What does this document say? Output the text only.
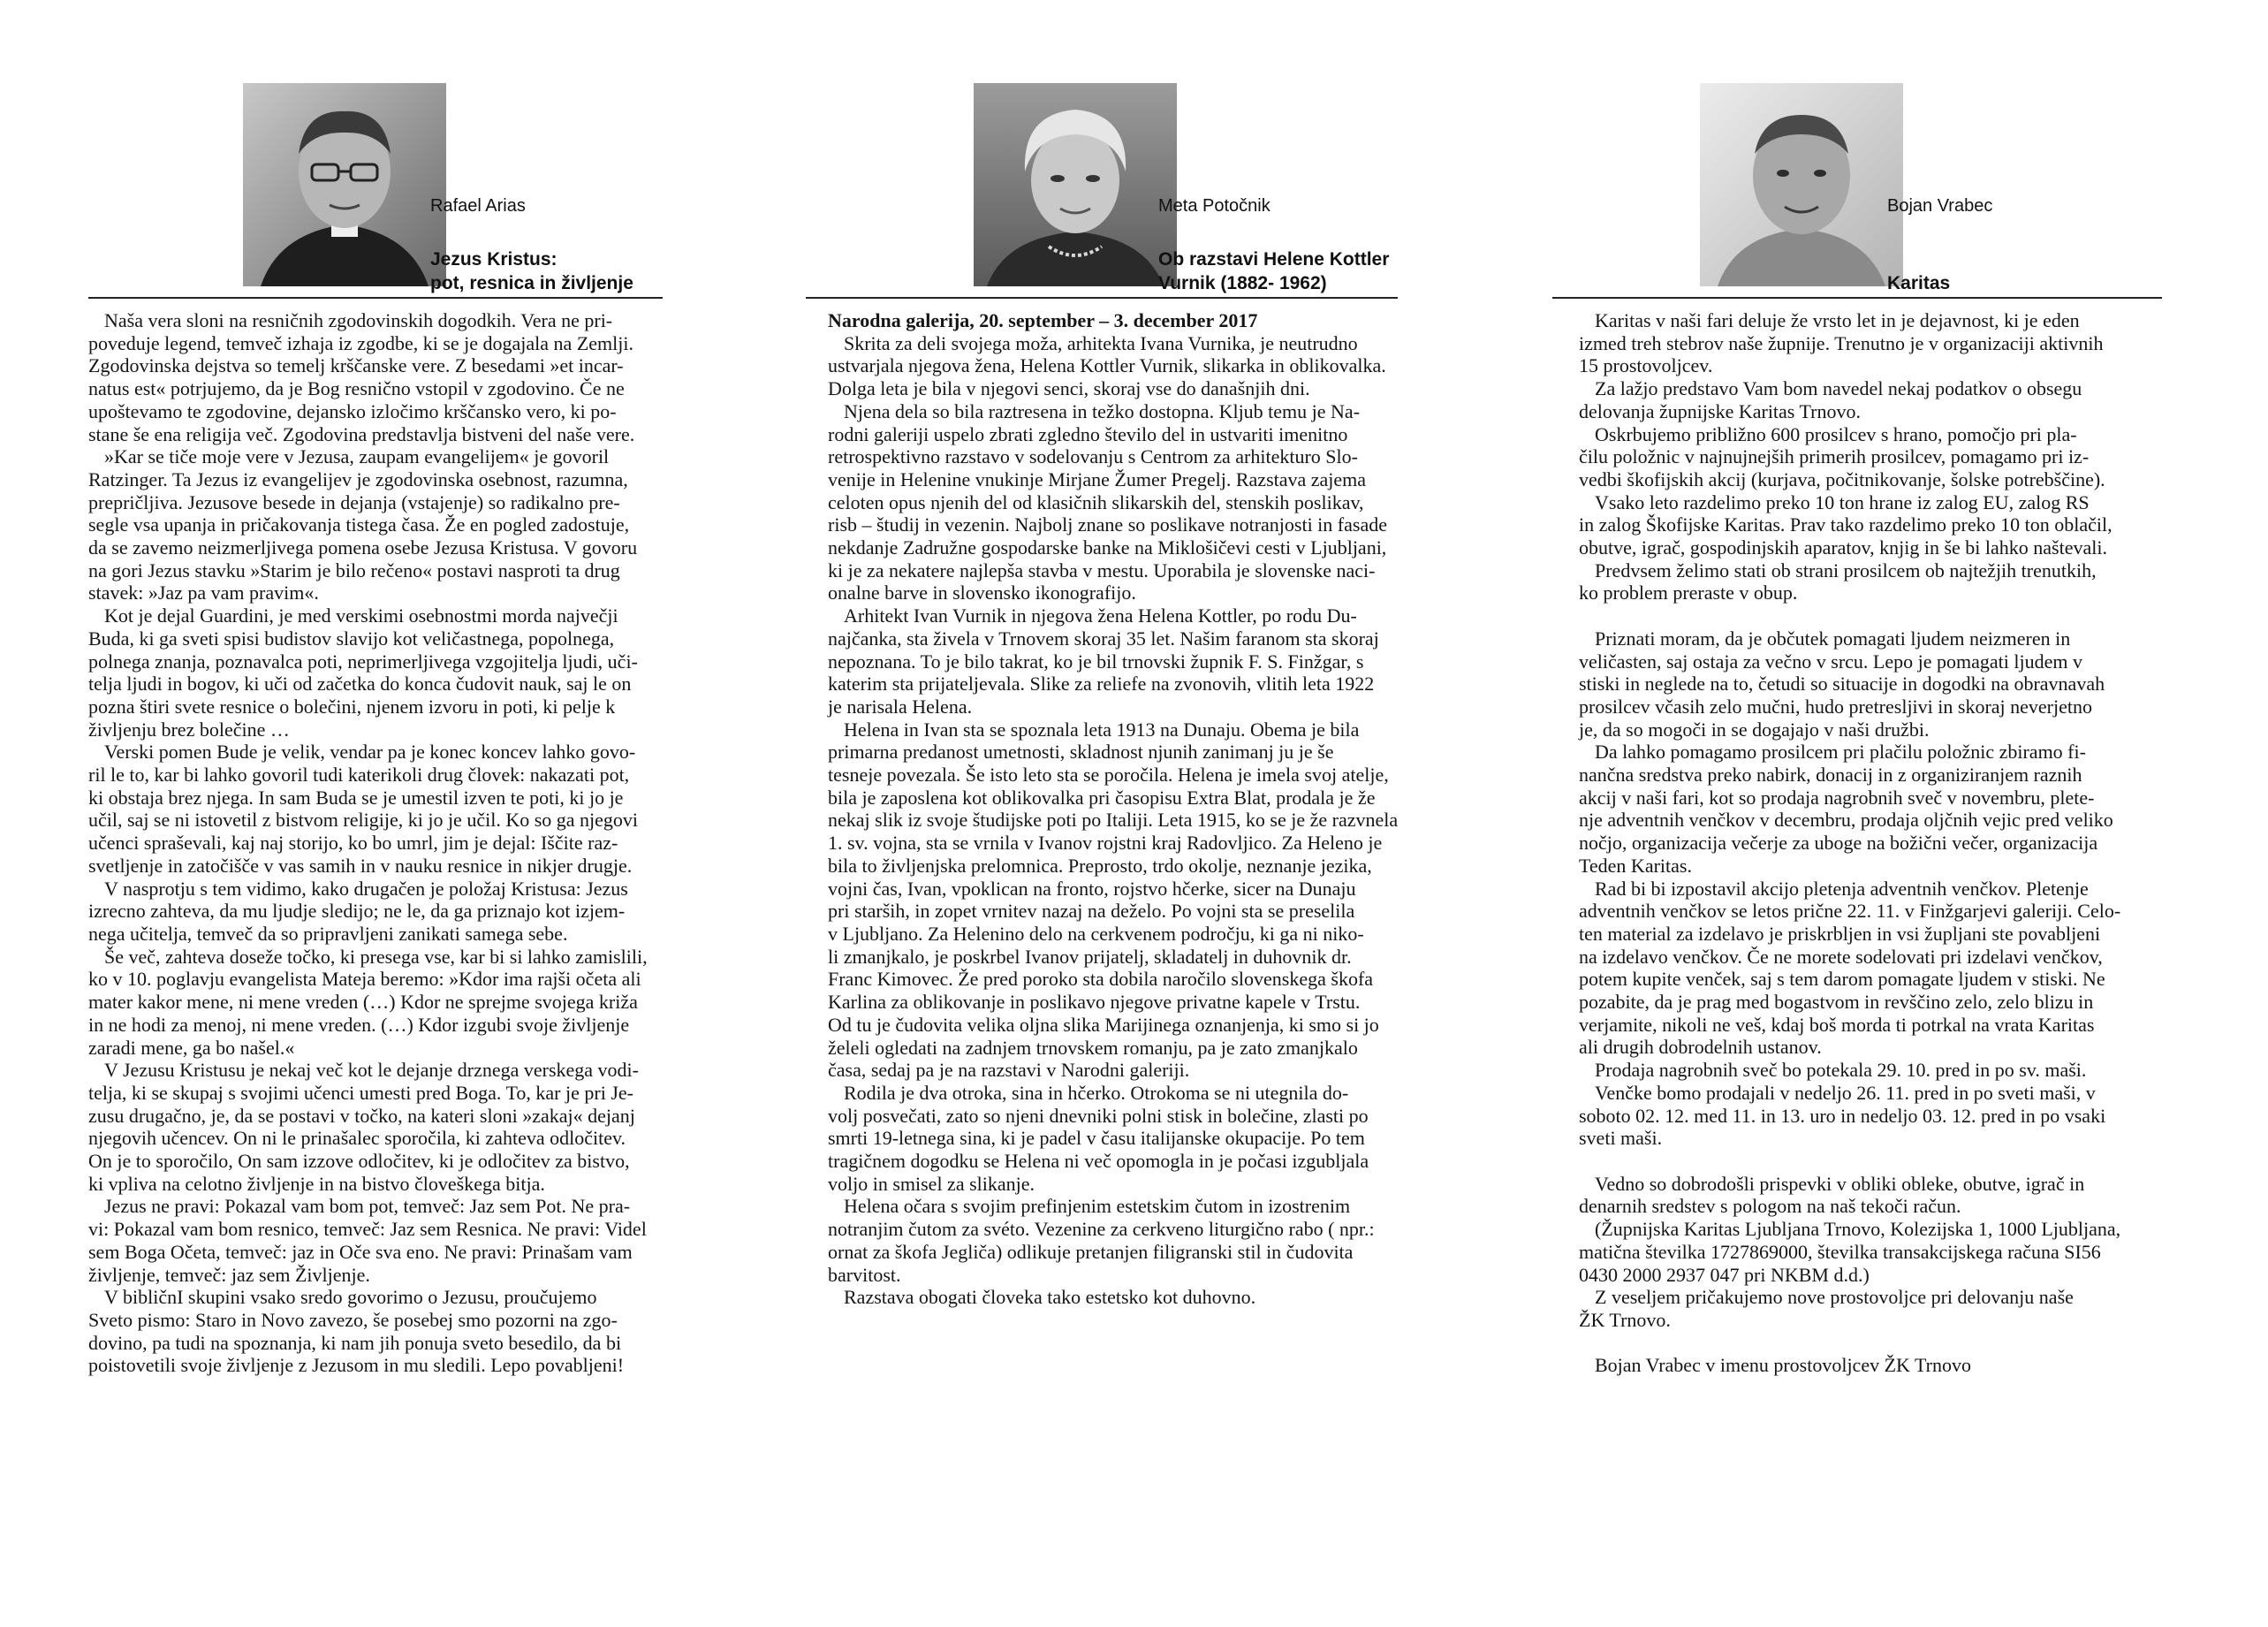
Rafael Arias
Jezus Kristus:
pot, resnica in življenje
Naša vera sloni na resničnih zgodovinskih dogodkih. Vera ne pri-
poveduje legend, temveč izhaja iz zgodbe, ki se je dogajala na Zemlji.
Zgodovinska dejstva so temelj krščanske vere. Z besedami »et incar-
natus est« potrjujemo, da je Bog resnično vstopil v zgodovino. Če ne
upoštevamo te zgodovine, dejansko izločimo krščansko vero, ki po-
stane še ena religija več. Zgodovina predstavlja bistveni del naše vere.
»Kar se tiče moje vere v Jezusa, zaupam evangelijem« je govoril
Ratzinger. Ta Jezus iz evangelijev je zgodovinska osebnost, razumna,
prepričljiva. Jezusove besede in dejanja (vstajenje) so radikalno pre-
segle vsa upanja in pričakovanja tistega časa. Že en pogled zadostuje,
da se zavemo neizmerljivega pomena osebe Jezusa Kristusa. V govoru
na gori Jezus stavku »Starim je bilo rečeno« postavi nasproti ta drug
stavek: »Jaz pa vam pravim«.
Kot je dejal Guardini, je med verskimi osebnostmi morda največji
Buda, ki ga sveti spisi budistov slavijo kot veličastnega, popolnega,
polnega znanja, poznavalca poti, neprimerljivega vzgojitelja ljudi, uči-
telja ljudi in bogov, ki uči od začetka do konca čudovit nauk, saj le on
pozna štiri svete resnice o bolečini, njenem izvoru in poti, ki pelje k
življenju brez bolečine …
Verski pomen Bude je velik, vendar pa je konec koncev lahko govo-
ril le to, kar bi lahko govoril tudi katerikoli drug človek: nakazati pot,
ki obstaja brez njega. In sam Buda se je umestil izven te poti, ki jo je
učil, saj se ni istovetil z bistvom religije, ki jo je učil. Ko so ga njegovi
učenci spraševali, kaj naj storijo, ko bo umrl, jim je dejal: Iščite raz-
svetljenje in zatočišče v vas samih in v nauku resnice in nikjer drugje.
V nasprotju s tem vidimo, kako drugačen je položaj Kristusa: Jezus
izrecno zahteva, da mu ljudje sledijo; ne le, da ga priznajo kot izjem-
nega učitelja, temveč da so pripravljeni zanikati samega sebe.
Še več, zahteva doseže točko, ki presega vse, kar bi si lahko zamislili,
ko v 10. poglavju evangelista Mateja beremo: »Kdor ima rajši očeta ali
mater kakor mene, ni mene vreden (…) Kdor ne sprejme svojega križa
in ne hodi za menoj, ni mene vreden. (…) Kdor izgubi svoje življenje
zaradi mene, ga bo našel.«
V Jezusu Kristusu je nekaj več kot le dejanje drznega verskega vodi-
telja, ki se skupaj s svojimi učenci umesti pred Boga. To, kar je pri Je-
zusu drugačno, je, da se postavi v točko, na kateri sloni »zakaj« dejanj
njegovih učencev. On ni le prinašalec sporočila, ki zahteva odločitev.
On je to sporočilo, On sam izzove odločitev, ki je odločitev za bistvo,
ki vpliva na celotno življenje in na bistvo človeškega bitja.
Jezus ne pravi: Pokazal vam bom pot, temveč: Jaz sem Pot. Ne pra-
vi: Pokazal vam bom resnico, temveč: Jaz sem Resnica. Ne pravi: Videl
sem Boga Očeta, temveč: jaz in Oče sva eno. Ne pravi: Prinašam vam
življenje, temveč: jaz sem Življenje.
V bibličnI skupini vsako sredo govorimo o Jezusu, proučujemo
Sveto pismo: Staro in Novo zavezo, še posebej smo pozorni na zgo-
dovino, pa tudi na spoznanja, ki nam jih ponuja sveto besedilo, da bi
poistovetili svoje življenje z Jezusom in mu sledili. Lepo povabljeni!
Meta Potočnik
Ob razstavi Helene Kottler
Vurnik (1882- 1962)
Narodna galerija, 20. september – 3. december 2017
Skrita za deli svojega moža, arhitekta Ivana Vurnika, je neutrudno
ustvarjala njegova žena, Helena Kottler Vurnik, slikarka in oblikovalka.
Dolga leta je bila v njegovi senci, skoraj vse do današnjih dni.
Njena dela so bila raztresena in težko dostopna. Kljub temu je Na-
rodni galeriji uspelo zbrati zgledno število del in ustvariti imenitno
retrospektivno razstavo v sodelovanju s Centrom za arhitekturo Slo-
venije in Helenine vnukinje Mirjane Žumer Pregelj. Razstava zajema
celoten opus njenih del od klasičnih slikarskih del, stenskih poslikav,
risb – študij in vezenin. Najbolj znane so poslikave notranjosti in fasade
nekdanje Zadružne gospodarske banke na Miklošičevi cesti v Ljubljani,
ki je za nekatere najlepša stavba v mestu. Uporabila je slovenske naci-
onalne barve in slovensko ikonografijo.
Arhitekt Ivan Vurnik in njegova žena Helena Kottler, po rodu Du-
najčanka, sta živela v Trnovem skoraj 35 let. Našim faranom sta skoraj
nepoznana. To je bilo takrat, ko je bil trnovski župnik F. S. Finžgar, s
katerim sta prijateljevala. Slike za reliefe na zvonovih, vlitih leta 1922
je narisala Helena.
Helena in Ivan sta se spoznala leta 1913 na Dunaju. Obema je bila
primarna predanost umetnosti, skladnost njunih zanimanj ju je še
tesneje povezala. Še isto leto sta se poročila. Helena je imela svoj atelje,
bila je zaposlena kot oblikovalka pri časopisu Extra Blat, prodala je že
nekaj slik iz svoje študijske poti po Italiji. Leta 1915, ko se je že razvnela
1. sv. vojna, sta se vrnila v Ivanov rojstni kraj Radovljico. Za Heleno je
bila to življenjska prelomnica. Preprosto, trdo okolje, neznanje jezika,
vojni čas, Ivan, vpoklican na fronto, rojstvo hčerke, sicer na Dunaju
pri starših, in zopet vrnitev nazaj na deželo. Po vojni sta se preselila
v Ljubljano. Za Helenino delo na cerkvenem področju, ki ga ni niko-
li zmanjkalo, je poskrbel Ivanov prijatelj, skladatelj in duhovnik dr.
Franc Kimovec. Že pred poroko sta dobila naročilo slovenskega škofa
Karlina za oblikovanje in poslikavo njegove privatne kapele v Trstu.
Od tu je čudovita velika oljna slika Marijinega oznanjenja, ki smo si jo
želeli ogledati na zadnjem trnovskem romanju, pa je zato zmanjkalo
časa, sedaj pa je na razstavi v Narodni galeriji.
Rodila je dva otroka, sina in hčerko. Otrokoma se ni utegnila do-
volj posvečati, zato so njeni dnevniki polni stisk in bolečine, zlasti po
smrti 19-letnega sina, ki je padel v času italijanske okupacije. Po tem
tragičnem dogodku se Helena ni več opomogla in je počasi izgubljala
voljo in smisel za slikanje.
Helena očara s svojim prefinjenim estetskim čutom in izostrenim
notranjim čutom za svéto. Vezenine za cerkveno liturgično rabo ( npr.:
ornat za škofa Jegliča) odlikuje pretanjen filigranski stil in čudovita
barvitost.
Razstava obogati človeka tako estetsko kot duhovno.
Bojan Vrabec
Karitas
Karitas v naši fari deluje že vrsto let in je dejavnost, ki je eden
izmed treh stebrov naše župnije. Trenutno je v organizaciji aktivnih
15 prostovoljcev.
Za lažjo predstavo Vam bom navedel nekaj podatkov o obsegu
delovanja župnijske Karitas Trnovo.
Oskrbujemo približno 600 prosilcev s hrano, pomočjo pri pla-
čilu položnic v najnujnejših primerih prosilcev, pomagamo pri iz-
vedbi škofijskih akcij (kurjava, počitnikovanje, šolske potrebščine).
Vsako leto razdelimo preko 10 ton hrane iz zalog EU, zalog RS
in zalog Škofijske Karitas. Prav tako razdelimo preko 10 ton oblačil,
obutve, igrač, gospodinjskih aparatov, knjig in še bi lahko naštevali.
Predvsem želimo stati ob strani prosilcem ob najtežjih trenutkih,
ko problem preraste v obup.
Priznati moram, da je občutek pomagati ljudem neizmeren in
veličasten, saj ostaja za večno v srcu. Lepo je pomagati ljudem v
stiski in neglede na to, četudi so situacije in dogodki na obravnavah
prosilcev včasih zelo mučni, hudo pretresljivi in skoraj neverjetno
je, da so mogoči in se dogajajo v naši družbi.
Da lahko pomagamo prosilcem pri plačilu položnic zbiramo fi-
nančna sredstva preko nabirk, donacij in z organiziranjem raznih
akcij v naši fari, kot so prodaja nagrobnih sveč v novembru, plete-
nje adventnih venčkov v decembru, prodaja oljčnih vejic pred veliko
nočjo, organizacija večerje za uboge na božični večer, organizacija
Teden Karitas.
Rad bi bi izpostavil akcijo pletenja adventnih venčkov. Pletenje
adventnih venčkov se letos prične 22. 11. v Finžgarjevi galeriji. Celo-
ten material za izdelavo je priskrbljen in vsi župljani ste povabljeni
na izdelavo venčkov. Če ne morete sodelovati pri izdelavi venčkov,
potem kupite venček, saj s tem darom pomagate ljudem v stiski. Ne
pozabite, da je prag med bogastvom in revščino zelo, zelo blizu in
verjamite, nikoli ne veš, kdaj boš morda ti potrkal na vrata Karitas
ali drugih dobrodelnih ustanov.
Prodaja nagrobnih sveč bo potekala 29. 10. pred in po sv. maši.
Venčke bomo prodajali v nedeljo 26. 11. pred in po sveti maši, v
soboto 02. 12. med 11. in 13. uro in nedeljo 03. 12. pred in po vsaki
sveti maši.
Vedno so dobrodošli prispevki v obliki obleke, obutve, igrač in
denarnih sredstev s pologom na naš tekoči račun.
(Župnijska Karitas Ljubljana Trnovo, Kolezijska 1, 1000 Ljubljana,
matična številka 1727869000, številka transakcijskega računa SI56
0430 2000 2937 047 pri NKBM d.d.)
Z veseljem pričakujemo nove prostovoljce pri delovanju naše
ŽK Trnovo.
Bojan Vrabec v imenu prostovoljcev ŽK Trnovo
